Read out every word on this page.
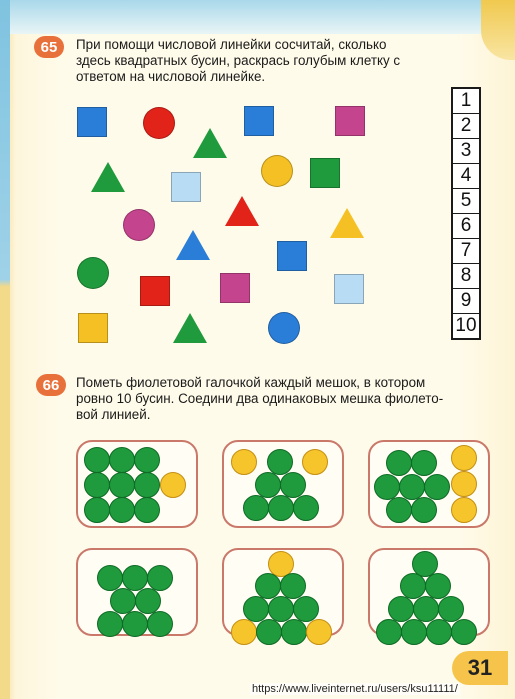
65	При помощи числовой линейки сосчитай, сколько
здесь квадратных бусин, раскрась голубым клетку с
ответом на числовой линейке.
1
2
3
4
5
6
7
8
9
10
66	Пометь фиолетовой галочкой каждый мешок, в котором
ровно 10 бусин. Соедини два одинаковых мешка фиолето-
вой линией.
31
https://www.liveinternet.ru/users/ksu11111/
